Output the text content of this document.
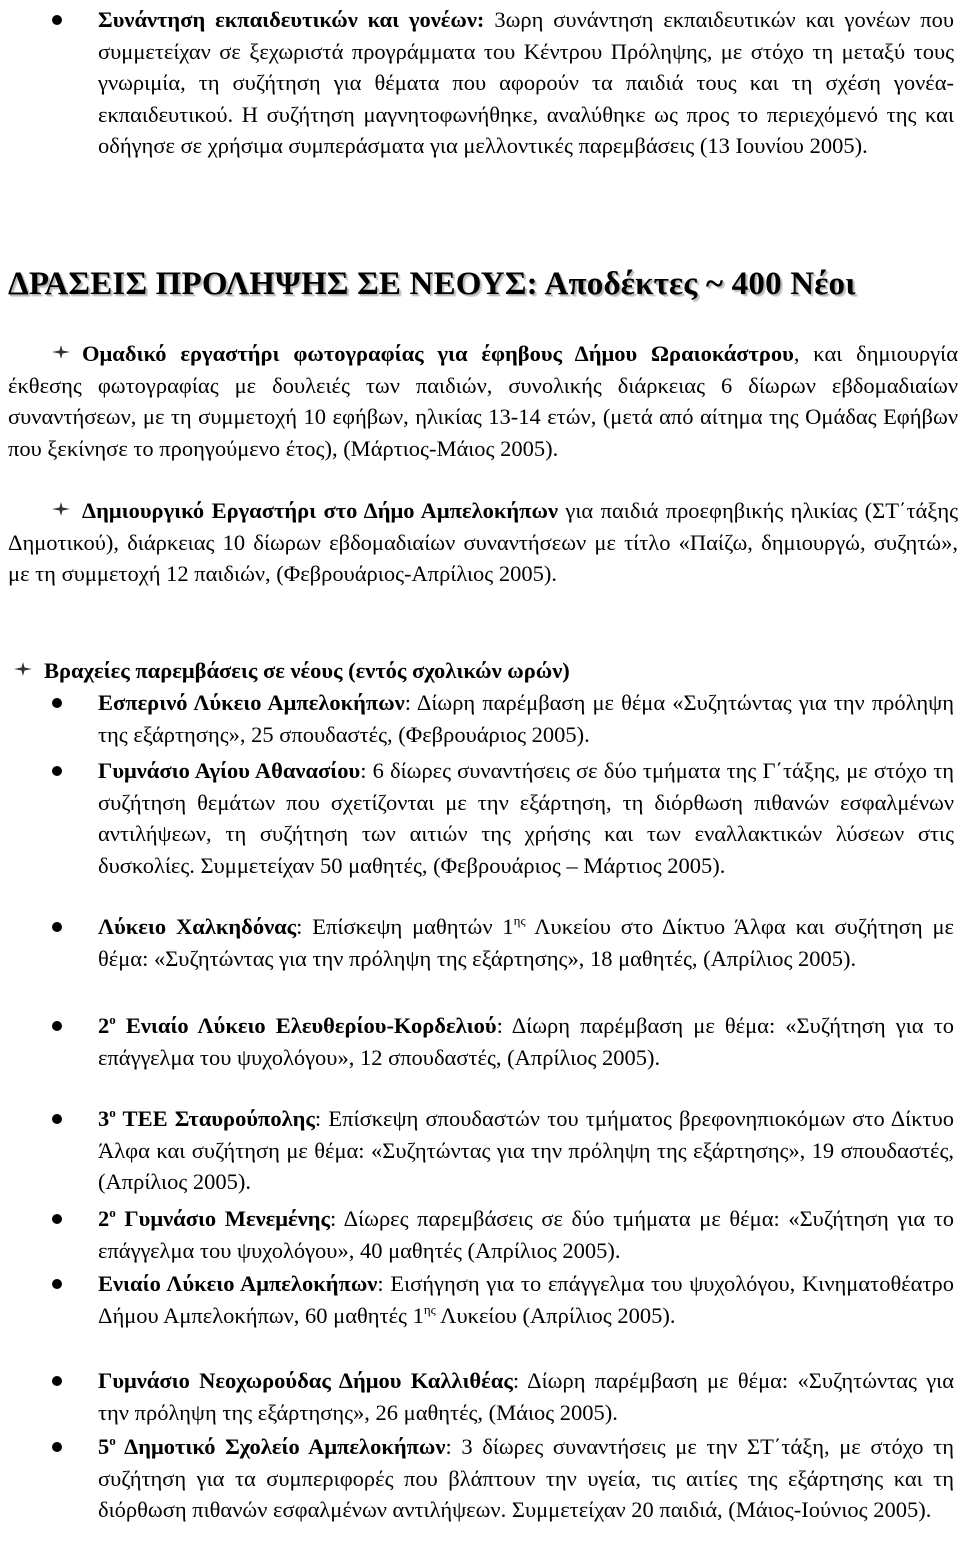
Συνάντηση εκπαιδευτικών και γονέων: 3ωρη συνάντηση εκπαιδευτικών και γονέων που συμμετείχαν σε ξεχωριστά προγράμματα του Κέντρου Πρόληψης, με στόχο τη μεταξύ τους γνωριμία, τη συζήτηση για θέματα που αφορούν τα παιδιά τους και τη σχέση γονέα-εκπαιδευτικού. Η συζήτηση μαγνητοφωνήθηκε, αναλύθηκε ως προς το περιεχόμενό της και οδήγησε σε χρήσιμα συμπεράσματα για μελλοντικές παρεμβάσεις (13 Ιουνίου 2005).
ΔΡΑΣΕΙΣ ΠΡΟΛΗΨΗΣ ΣΕ ΝΕΟΥΣ: Αποδέκτες ~ 400 Νέοι
Ομαδικό εργαστήρι φωτογραφίας για έφηβους Δήμου Ωραιοκάστρου, και δημιουργία έκθεσης φωτογραφίας με δουλειές των παιδιών, συνολικής διάρκειας 6 δίωρων εβδομαδιαίων συναντήσεων, με τη συμμετοχή 10 εφήβων, ηλικίας 13-14 ετών, (μετά από αίτημα της Ομάδας Εφήβων που ξεκίνησε το προηγούμενο έτος), (Μάρτιος-Μάιος 2005).
Δημιουργικό Εργαστήρι στο Δήμο Αμπελοκήπων για παιδιά προεφηβικής ηλικίας (ΣΤ΄τάξης Δημοτικού), διάρκειας 10 δίωρων εβδομαδιαίων συναντήσεων με τίτλο «Παίζω, δημιουργώ, συζητώ», με τη συμμετοχή 12 παιδιών, (Φεβρουάριος-Απρίλιος 2005).
Βραχείες παρεμβάσεις σε νέους (εντός σχολικών ωρών)
Εσπερινό Λύκειο Αμπελοκήπων: Δίωρη παρέμβαση με θέμα «Συζητώντας για την πρόληψη της εξάρτησης», 25 σπουδαστές, (Φεβρουάριος 2005).
Γυμνάσιο Αγίου Αθανασίου: 6 δίωρες συναντήσεις σε δύο τμήματα της Γ΄τάξης, με στόχο τη συζήτηση θεμάτων που σχετίζονται με την εξάρτηση, τη διόρθωση πιθανών εσφαλμένων αντιλήψεων, τη συζήτηση των αιτιών της χρήσης και των εναλλακτικών λύσεων στις δυσκολίες. Συμμετείχαν 50 μαθητές, (Φεβρουάριος – Μάρτιος 2005).
Λύκειο Χαλκηδόνας: Επίσκεψη μαθητών $1^{\eta\varsigma}$ Λυκείου στο Δίκτυο Άλφα και συζήτηση με θέμα: «Συζητώντας για την πρόληψη της εξάρτησης», 18 μαθητές, (Απρίλιος 2005).
$2^o$ Ενιαίο Λύκειο Ελευθερίου-Κορδελιού: Δίωρη παρέμβαση με θέμα: «Συζήτηση για το επάγγελμα του ψυχολόγου», 12 σπουδαστές, (Απρίλιος 2005).
$3^o$ ΤΕΕ Σταυρούπολης: Επίσκεψη σπουδαστών του τμήματος βρεφονηπιοκόμων στο Δίκτυο Άλφα και συζήτηση με θέμα: «Συζητώντας για την πρόληψη της εξάρτησης», 19 σπουδαστές, (Απρίλιος 2005).
$2^o$ Γυμνάσιο Μενεμένης: Δίωρες παρεμβάσεις σε δύο τμήματα με θέμα: «Συζήτηση για το επάγγελμα του ψυχολόγου», 40 μαθητές (Απρίλιος 2005).
Ενιαίο Λύκειο Αμπελοκήπων: Εισήγηση για το επάγγελμα του ψυχολόγου, Κινηματοθέατρο Δήμου Αμπελοκήπων, 60 μαθητές $1^{\eta\varsigma}$ Λυκείου (Απρίλιος 2005).
Γυμνάσιο Νεοχωρούδας Δήμου Καλλιθέας: Δίωρη παρέμβαση με θέμα: «Συζητώντας για την πρόληψη της εξάρτησης», 26 μαθητές, (Μάιος 2005).
$5^o$ Δημοτικό Σχολείο Αμπελοκήπων: 3 δίωρες συναντήσεις με την ΣΤ΄τάξη, με στόχο τη συζήτηση για τα συμπεριφορές που βλάπτουν την υγεία, τις αιτίες της εξάρτησης και τη διόρθωση πιθανών εσφαλμένων αντιλήψεων. Συμμετείχαν 20 παιδιά, (Μάιος-Ιούνιος 2005).
